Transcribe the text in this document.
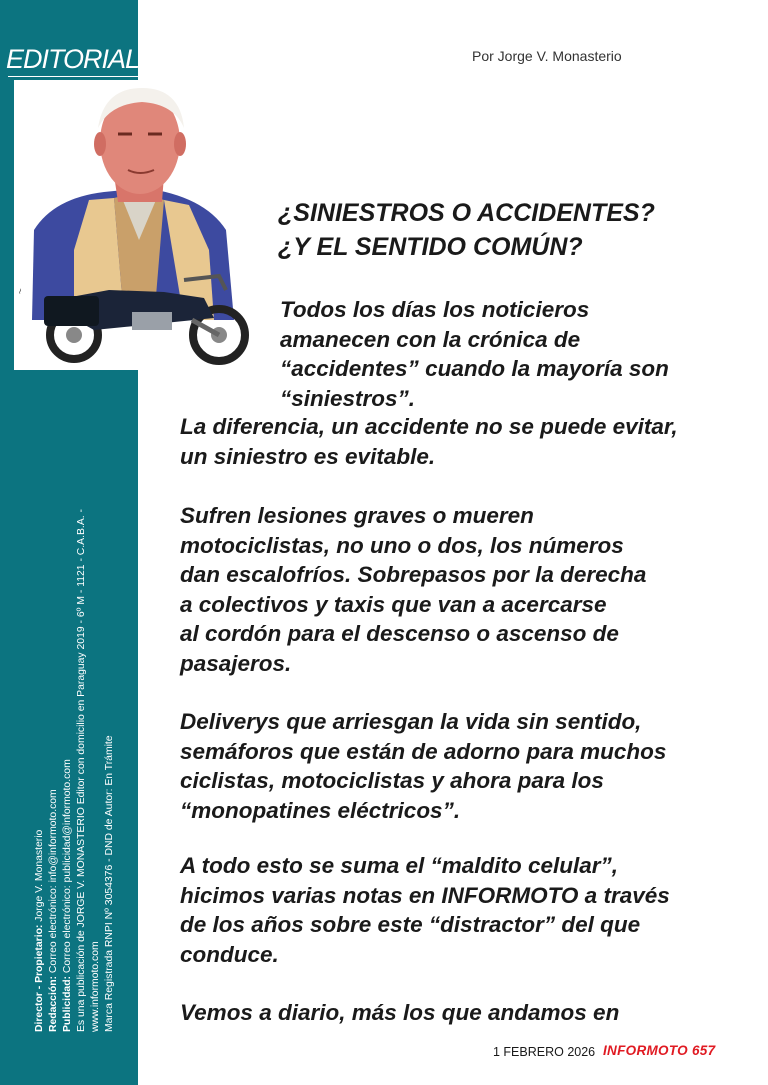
EDITORIAL
~
Por Jorge V. Monasterio
¿SINIESTROS O ACCIDENTES?
¿Y EL SENTIDO COMÚN?
Todos los días los noticieros
amanecen con la crónica de
“accidentes” cuando la mayoría son
“siniestros”.
La diferencia, un accidente no se puede evitar,
un siniestro es evitable.
Sufren lesiones graves o mueren
motociclistas, no uno o dos, los números
dan escalofríos. Sobrepasos por la derecha
a colectivos y taxis que van a acercarse
al cordón para el descenso o ascenso de
pasajeros.
Deliverys que arriesgan la vida sin sentido,
semáforos que están de adorno para muchos
ciclistas, motociclistas y ahora para los
“monopatines eléctricos”.
A todo esto se suma el “maldito celular”,
hicimos varias notas en INFORMOTO a través
de los años sobre este “distractor” del que
conduce.
Vemos a diario, más los que andamos en
Director - Propietario: Jorge V. Monasterio
Redacción: Correo electrónico: info@informoto.com
Publicidad: Correo electrónico: publicidad@informoto.com Es una publicación de JORGE V. MONASTERIO Editor con domicilio en Paraguay 2019 - 6º M - 1121 - C.A.B.A. - www.informoto.com Marca Registrada RNPI Nº 3054376 - DND de Autor: En Trámite
1 FEBRERO 2026 INFORMOTO 657
